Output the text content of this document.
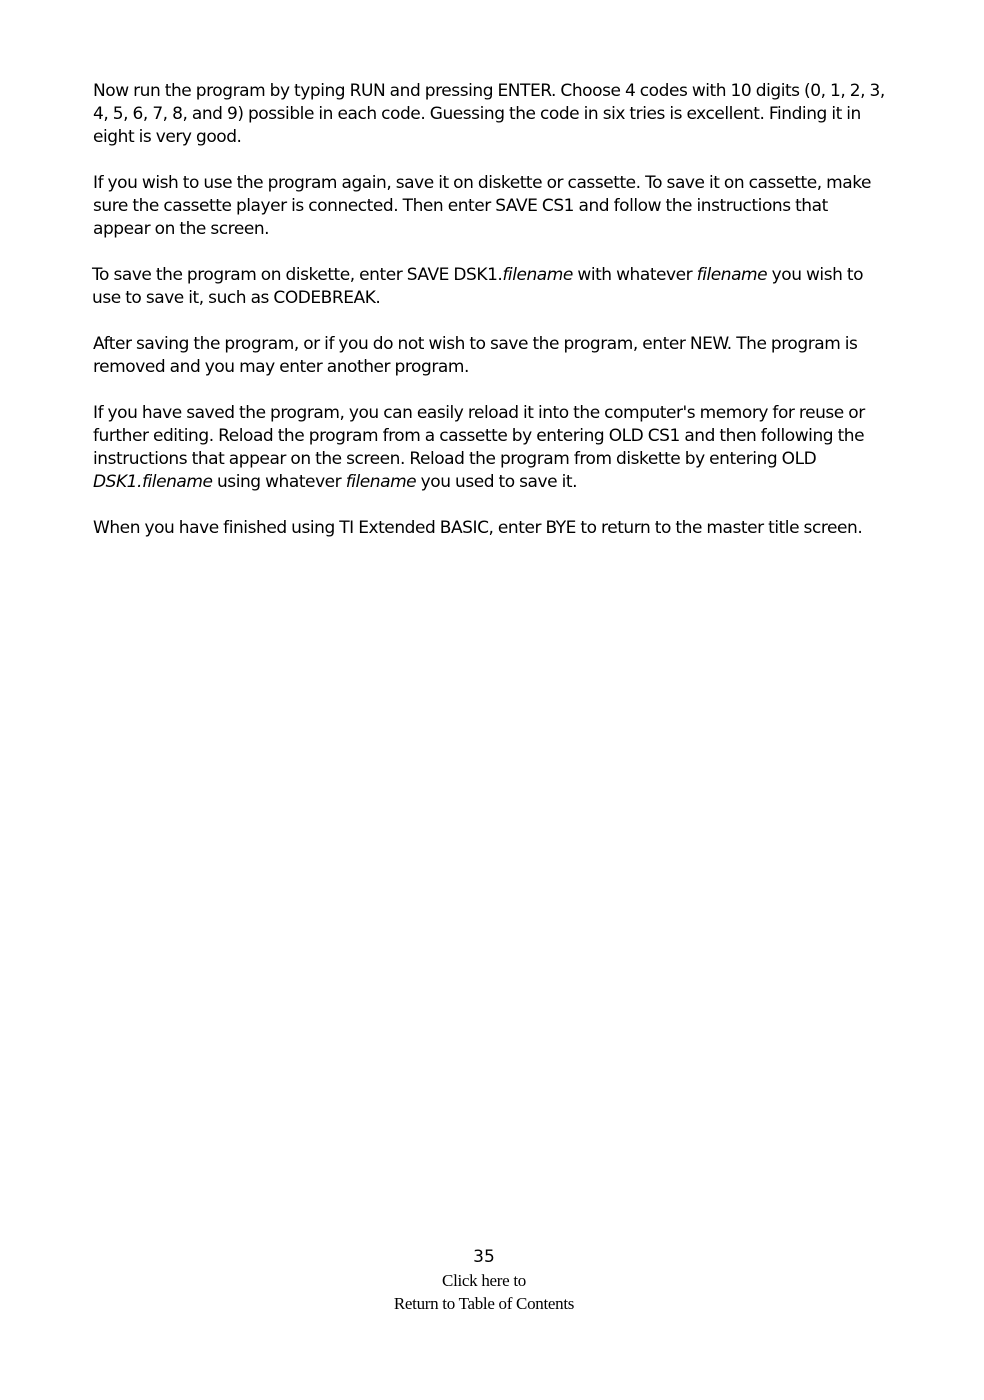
Now run the program by typing RUN and pressing ENTER. Choose 4 codes with 10 digits (0, 1, 2, 3, 4, 5, 6, 7, 8, and 9) possible in each code. Guessing the code in six tries is excellent. Finding it in eight is very good.

If you wish to use the program again, save it on diskette or cassette. To save it on cassette, make sure the cassette player is connected. Then enter SAVE CS1 and follow the instructions that appear on the screen.

To save the program on diskette, enter SAVE DSK1.filename with whatever filename you wish to use to save it, such as CODEBREAK.

After saving the program, or if you do not wish to save the program, enter NEW. The program is removed and you may enter another program.

If you have saved the program, you can easily reload it into the computer's memory for reuse or further editing. Reload the program from a cassette by entering OLD CS1 and then following the instructions that appear on the screen. Reload the program from diskette by entering OLD DSK1.filename using whatever filename you used to save it.

When you have finished using TI Extended BASIC, enter BYE to return to the master title screen.

35
Click here to
Return to Table of Contents
